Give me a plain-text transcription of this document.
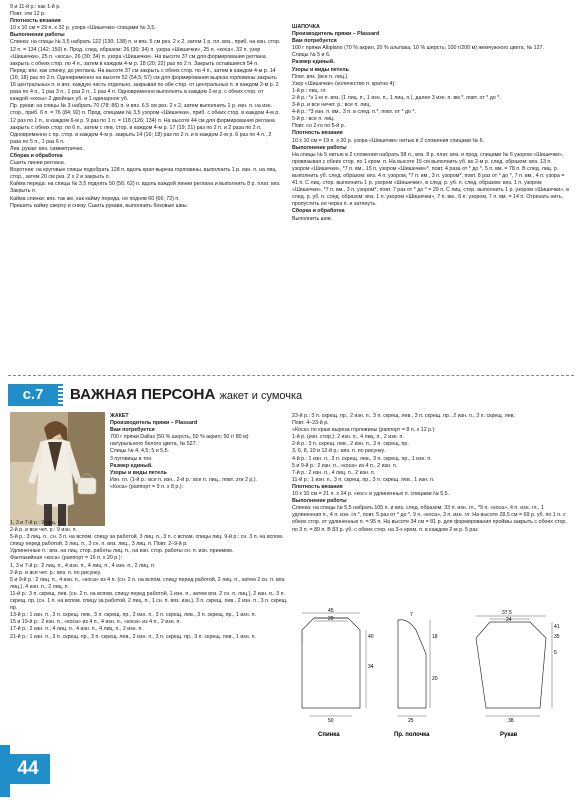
9 и 11-й р.: как 1-й р.

Повт. эти 12 р.

Плотность вязания

10 х 10 см = 29 п. х 32 р. узора «Шишечки» спицами № 3,5.

Выполнение работы

Спинка: на спицы № 3,5 набрать 122 (130; 138) п. и вяз. 5 см рез. 2 х 2, затем 1 р. пл. вяз., приб. на изн. стор. 12 п. = 134 (142; 150) п. Прод. след. образом: 26 (30; 34) п. узора «Шишечки», 25 п. «коса», 32 п. узор «Шишечки», 25 п. «коса», 26 (30; 34) п. узора «Шишечки». На высоте 37 см для формирования реглана закрыть с обеих стор. по 4 п., затем в каждом 4-м р. 18 (20; 22) раз по 2 п. Закрыть оставшиеся 54 п.

Перед: вяз. как спинку, до реглана. На высоте 37 см закрыть с обеих стор. по 4 п., затем в каждом 4-м р. 14 (16; 18) раз по 2 п. Одновременно на высоте 52 (54,5; 57) см для формирования выреза горловины закрыть 16 центральных п. и вяз. каждую часть отдельно, закрывая по обе стор. от центральных п. в каждом 2-м р. 2 раза по 4 п., 1 раз 3 п., 1 раз 2 п., 1 раз 4 п. Одновременно выполнять в каждом 2-м р. с обеих стор. от каждой «косы» 2 двойных уб. и 1 одинарное уб.

Пр. рукав: на спицы № 3 набрать 70 (78; 86) п. и вяз. 6,5 см рез. 2 х 2, затем выполнить 1 р. изн. п. на изн. стор., приб. 6 п. = 76 (84; 92) п. Прод. спицами № 3,5 узором «Шишечки», приб. с обеих стор. в каждом 4-м р. 12 раз по 1 п., в каждом 6-м р. 9 раз по 1 п. = 118 (126; 134) п. На высоте 44 см для формирования реглана закрыть с обеих стор. по 6 п., затем с лев. стор. в каждом 4-м р. 17 (19; 21) раз по 2 п. и 2 раза по 2 п. Одновременно с пр. стор. в каждом 4-м р. закрыть 14 (16; 18) раз по 2 п. и в каждом 2-м р. 6 раз по 4 п., 2 раза по 5 п., 1 раз 6 п.

Лев. рукав: вяз. симметрично.

Сборка и обработка

Сшить линии реглана.

Воротник: на круговые спицы подобрать 128 п. вдоль края выреза горловины, выполнить 1 р. изн. п. на лиц. стор., затем 20 см рез. 2 х 2 и закрыть п.

Кайма переда: на спицы № 3,5 поднять 50 (56; 62) п. вдоль каждой линии реглана и выполнить 8 р. плат. вяз. Закрыть п.

Кайма спинки: вяз. так же, как кайму переда, но подняв 60 (66; 72) п.

Пришить кайму сверху и снизу. Сшить рукава, выполнить боковые швы.

ШАПОЧКА

Производитель пряжи – Plassard

Вам потребуется

100 г пряжи Altiplano (70 % акрил, 20 % альпака, 10 % шерсть; 100 г/200 м) жемчужного цвета, № 127.

Спицы № 5 и 6.

Размер единый.

Узоры и виды петель

Плат. вяз. (все п. лиц.).

Узор «Шишечки» (количество п. кратно 4):

1-й р.: лиц. гл.

2-й р.: *з 1-ю п. вяз. (1 лиц. п., 1 изн. п., 1 лиц. п.), далее 3 изн. п. вм.*, повт. от * до *.

3-й р. и все нечет. р.: все п. лиц.

4-й р.: *3 изн. п. вм., 3 п. в след. п.*, повт. от * до *.

5-й р.: все п. лиц.

Повт. со 2-го по 5-й р.

Плотность вязания

10 х 10 см = 19 п. х 20 р. узора «Шишечки» нитью в 2 сложения спицами № 6.

Выполнение работы

На спицы № 5 нитью в 2 сложения набрать 98 п., вяз. 8 р. плат. вяз. и прод. спицами № 6 узором «Шишечки», провязывая с обеих стор. по 1 кром. п. На высоте 15 см выполнить уб. во 2-м р. след. образом: вяз. 13 п. узором «Шишечки», *7 п. вм., 15 п. узором «Шишечки»*, повт. 4 раза от * до *, 5 п. вм. = 78 п. В след. лиц. р. выполнить уб. след. образом: вяз. 4 п. узором, *7 п. вм., 3 п. узором*, повт. 8 раз от * до *, 7 п. вм., 4 п. узора = 41 п. С лиц. стор. выполнить 1 р. узором «Шишечки», в след. р. уб. п. след. образом: вяз. 1 п. узором «Шишечки», *7 п. вм., 3 п. узором*, повт. 7 раз от * до * = 29 п. С лиц. стор. выполнить 1 р. узором «Шишечки», в след. р. уб. п. след. образом: вяз. 1 п. узором «Шишечки», 7 п. вм., 6 п. узором, 7 п. вм. = 14 п. Отрезать нить, пропустить ее через п. и затянуть.

Сборка и обработка

Выполнить шов.

с.7	ВАЖНАЯ ПЕРСОНА жакет и сумочка

ЖАКЕТ

Производитель пряжи – Plassard

Вам потребуется

700 г пряжи Dallas (50 % шерсть, 50 % акрил; 50 г/ 80 м) натурального белого цвета, № 527.

Спицы № 4; 4,5; 5 и 5,5.

3 пуговицы в тон.

Размер единый.

Узоры и виды петель

Изн. гл. (1-й р.: все п. изн., 2-й р.: все п. лиц., повт. эти 2 р.).

«Коса» (раппорт = 9 п. х 8 р.):

1, 3 и 7-й р.: 9 лиц. п.

2-й р. и все чет. р.: 9 изн. п.

5-й р.: 3 лиц. п., сн. 3 п. на вспом. спицу за работой, 3 лиц. п., 3 п. с вспом. спицы лиц. 9-й р.: сн. 3 п. на вспом. спицу перед работой, 3 лиц. п., 3 сн. п. вяз. лиц., 3 лиц. п. Повт. 2–9-й р.

Удлиненные п.: вяз. на лиц. стор. работы лиц. п., на изн. стор. работы сн. п. изн. приемом.

Фантазийная «коса» (раппорт = 16 п. х 20 р.):

1, 3 и 7-й р.: 2 лиц. п., 4 изн. п., 4 лиц. п., 4 изн. п., 2 лиц. п.

2-й р. и все чет. р.: вяз. п. по рисунку.

5 и 9-й р.: 2 лиц. п., 4 изн. п., «коса» из 4 п. (сн. 2 п. на вспом. спицу перед работой, 2 лиц. п., затем 2 сн. п. вяз. лиц.), 4 изн. п., 2 лиц. п.

11-й р.: 3 п. скрещ. лев. (сн. 2 п. на вспом. спицу перед работой, 1 изн. п., затем вяз. 2 сн. п. лиц.), 2 изн. п., 3 п. скрещ. пр. (сн. 1 п. на вспом. спицу за работой, 2 лиц. п., 1 сн. п. вяз. изн.), 3 п. скрещ. лев., 2 изн. п., 3 п. скрещ. пр.

13-й р.: 1 изн. п., 3 п. скрещ. лев., 3 п. скрещ. пр., 2 изн. п., 3 п. скрещ. лев., 3 п. скрещ. пр., 1 изн. п.

15 и 19-й р.: 2 изн. п., «коса» из 4 п., 4 изн. п., «коса» из 4 п., 2 изн. п.

17-й р.: 2 изн. п., 4 лиц. п., 4 изн. п., 4 лиц. п., 2 изн. п.

21-й р.: 1 изн. п., 3 п. скрещ. пр., 3 п. скрещ. лев., 2 изн. п., 3 п. скрещ. пр., 3 п. скрещ. лев., 1 изн. п.

23-й р.: 3 п. скрещ. пр., 2 изн. п., 3 п. скрещ. лев., 3 п. скрещ. пр., 2 изн. п., 3 п. скрещ. лев.

Повт. 4–23-й р.

«Коса» по краю выреза горловины (раппорт = 8 п. х 12 р.):

1-й р. (изн. стор.): 2 изн. п., 4 лиц. п., 2 изн. п.

2-й р.: 3 п. скрещ. лев., 2 изн. п., 3 п. скрещ. пр.

3, 6, 8, 10 и 12-й р.: вяз. п. по рисунку.

4-й р.: 1 изн. п., 3 п. скрещ. лев., 3 п. скрещ. пр., 1 изн. п.

5 и 9-й р.: 2 изн. п., «коса» из 4 п., 2 изн. п.

7-й р.: 2 изн. п., 4 лиц. п., 2 изн. п.

11-й р.: 1 изн. п., 3 п. скрещ. пр., 3 п. скрещ. лев., 1 изн. п.

Плотность вязания

10 х 10 см = 21 п. х 24 р. «кос» и удлиненных п. спицами № 5,5.

Выполнение работы

Спинка: на спицы № 5,5 набрать 105 п. и вяз. след. образом: 33 п. изн. гл., *9 п. «коса», 4 п. изн. гл., 1 удлиненная п., 4 п. изн. гл.*, повт. 5 раз от * до *, 9 п. «коса», 3 п. изн. гл. На высоте 28,5 см = 69 р. уб. по 1 п. с обеих стор. от удлиненных п. = 95 п. На высоте 34 см = 81 р. для формирования проймы закрыть с обеих стор. по 3 п. = 89 п. В 83 р. уб. с обеих стор. на 3-х кром. п. в каждом 2-м р. 5 раз

45
29
40
34
50
Спинка
7
18
20
25
Пр. полочка
37,5
24
41
35
5
38
Рукав
44
